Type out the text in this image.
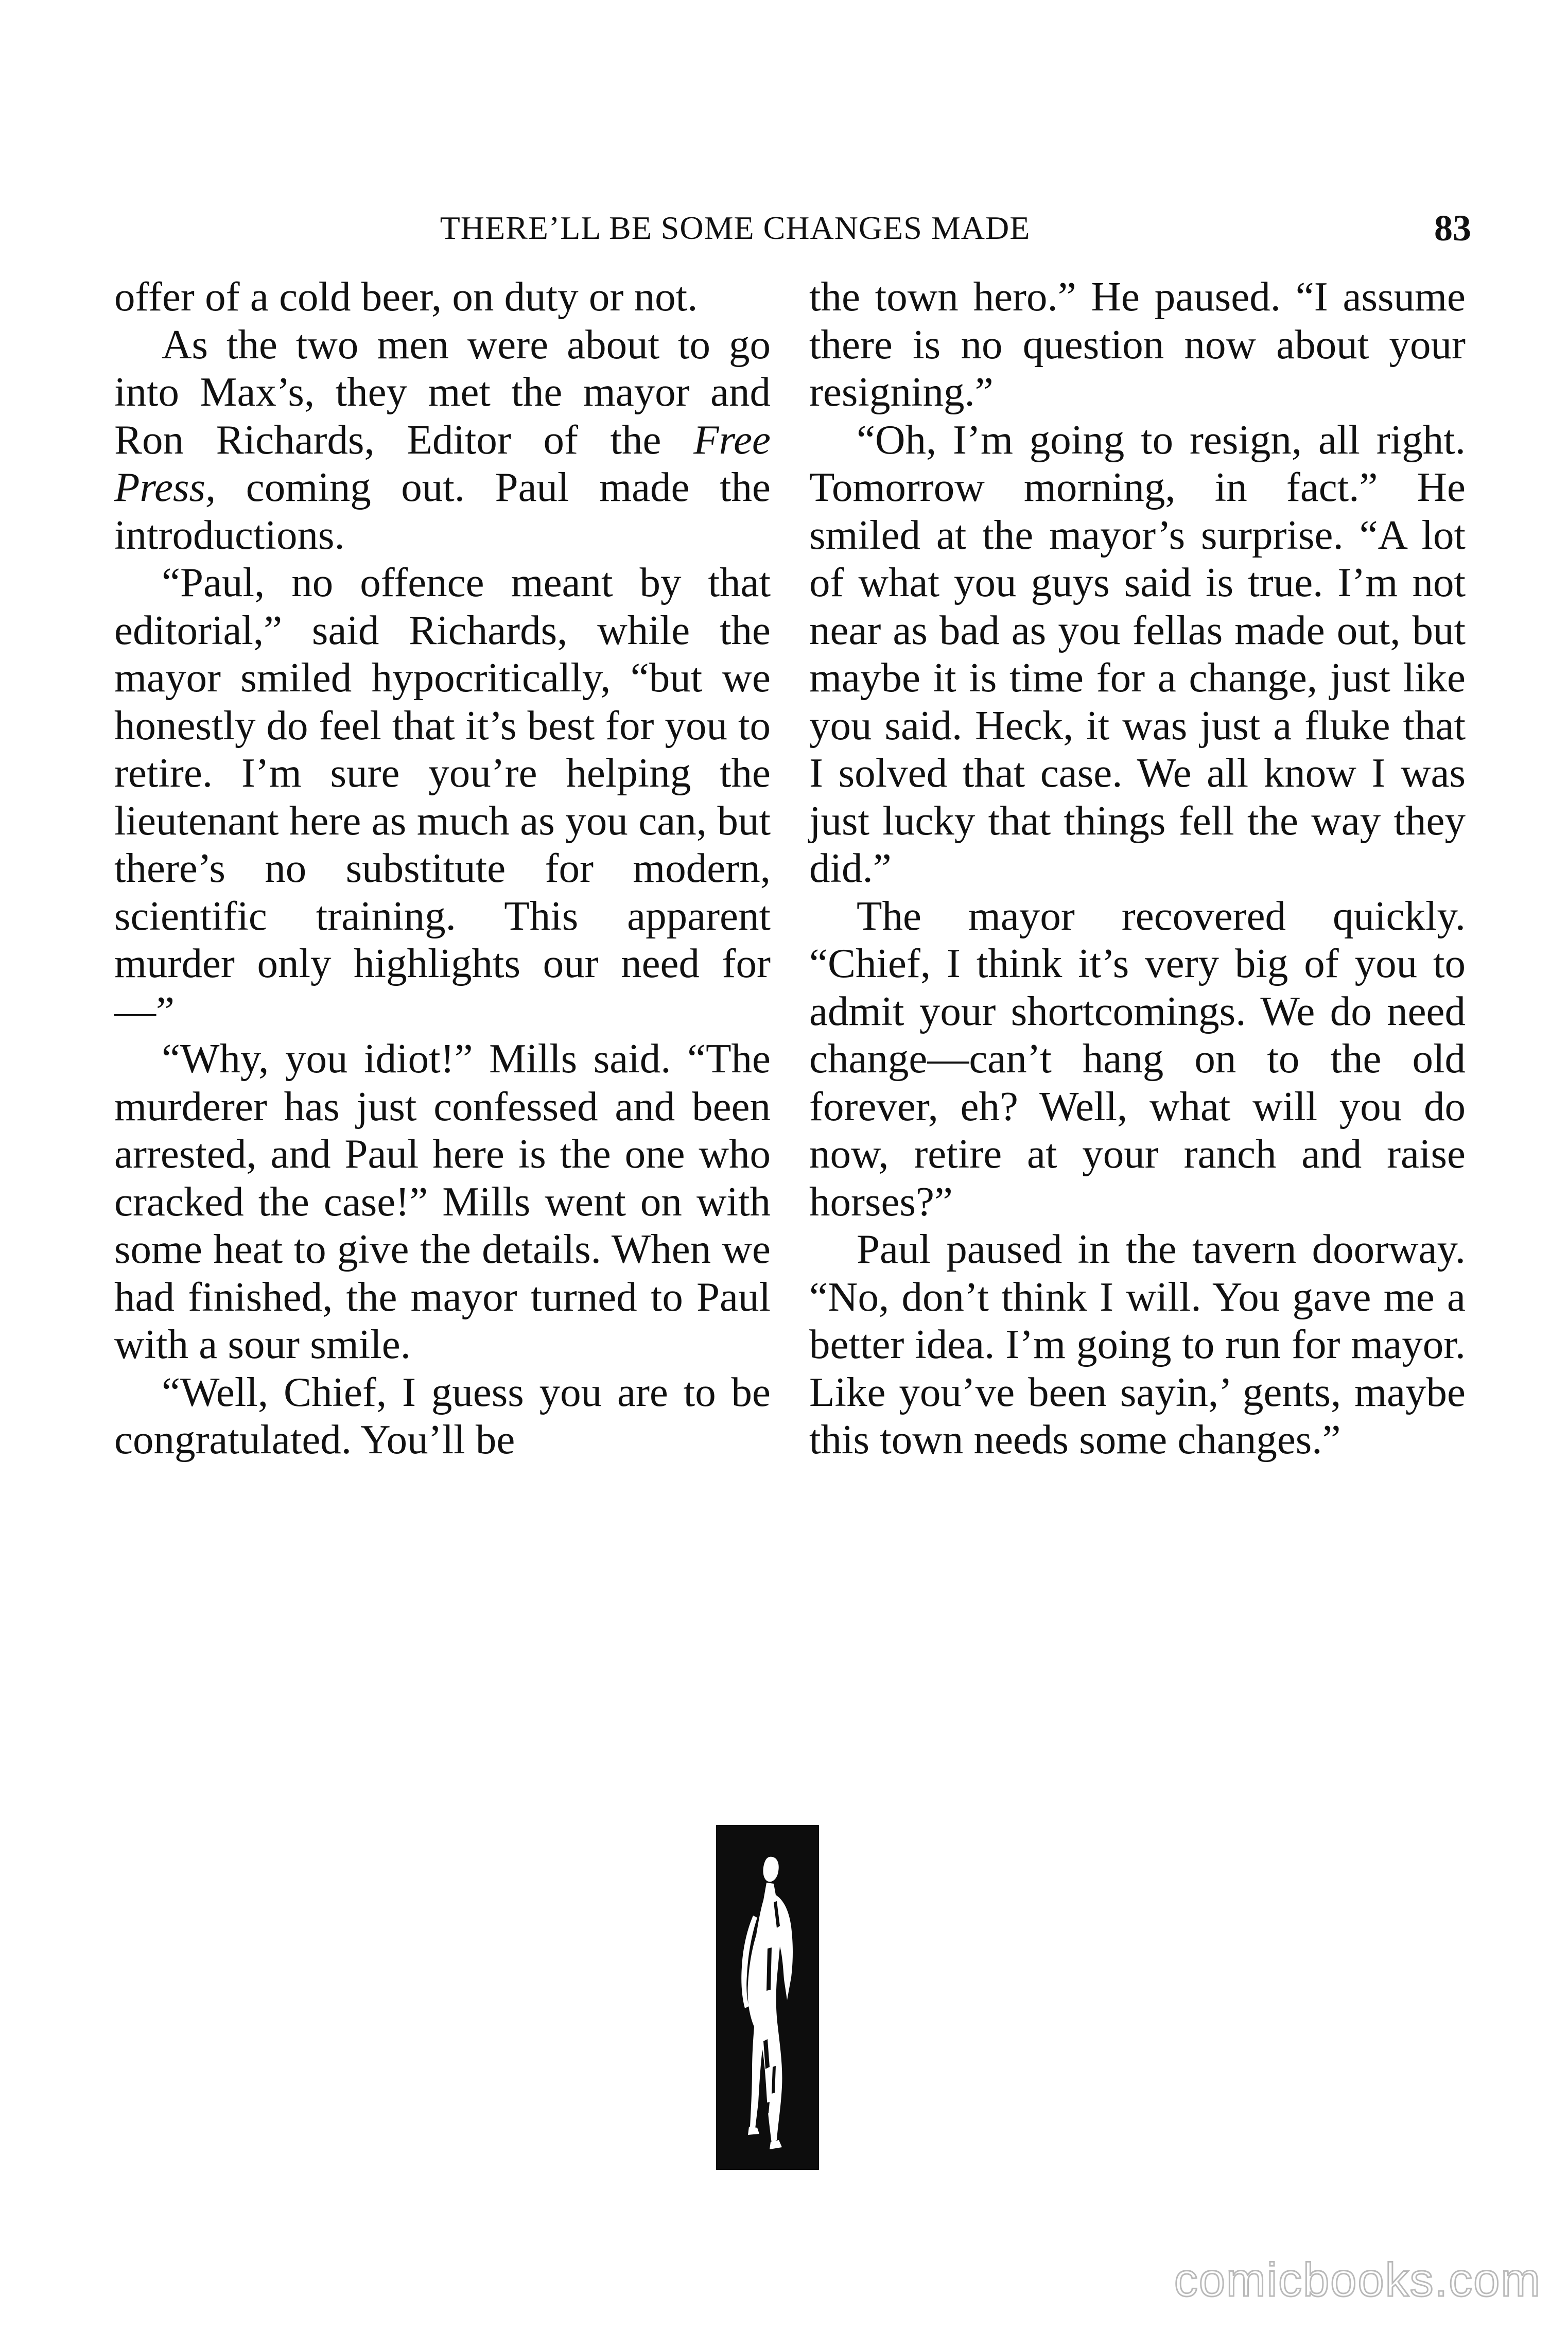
THERE’LL BE SOME CHANGES MADE	83

offer of a cold beer, on duty or not.

As the two men were about to go into Max’s, they met the mayor and Ron Richards, Editor of the Free Press, coming out. Paul made the introductions.

“Paul, no offence meant by that editorial,” said Richards, while the mayor smiled hypocritically, “but we honestly do feel that it’s best for you to retire. I’m sure you’re helping the lieutenant here as much as you can, but there’s no substitute for modern, scientific training. This apparent murder only highlights our need for—”

“Why, you idiot!” Mills said. “The murderer has just confessed and been arrested, and Paul here is the one who cracked the case!” Mills went on with some heat to give the details. When we had finished, the mayor turned to Paul with a sour smile.

“Well, Chief, I guess you are to be congratulated. You’ll be

the town hero.” He paused. “I assume there is no question now about your resigning.”

“Oh, I’m going to resign, all right. Tomorrow morning, in fact.” He smiled at the mayor’s surprise. “A lot of what you guys said is true. I’m not near as bad as you fellas made out, but maybe it is time for a change, just like you said. Heck, it was just a fluke that I solved that case. We all know I was just lucky that things fell the way they did.”

The mayor recovered quickly. “Chief, I think it’s very big of you to admit your shortcomings. We do need change—can’t hang on to the old forever, eh? Well, what will you do now, retire at your ranch and raise horses?”

Paul paused in the tavern doorway. “No, don’t think I will. You gave me a better idea. I’m going to run for mayor. Like you’ve been sayin,’ gents, maybe this town needs some changes.”

comicbooks.com
